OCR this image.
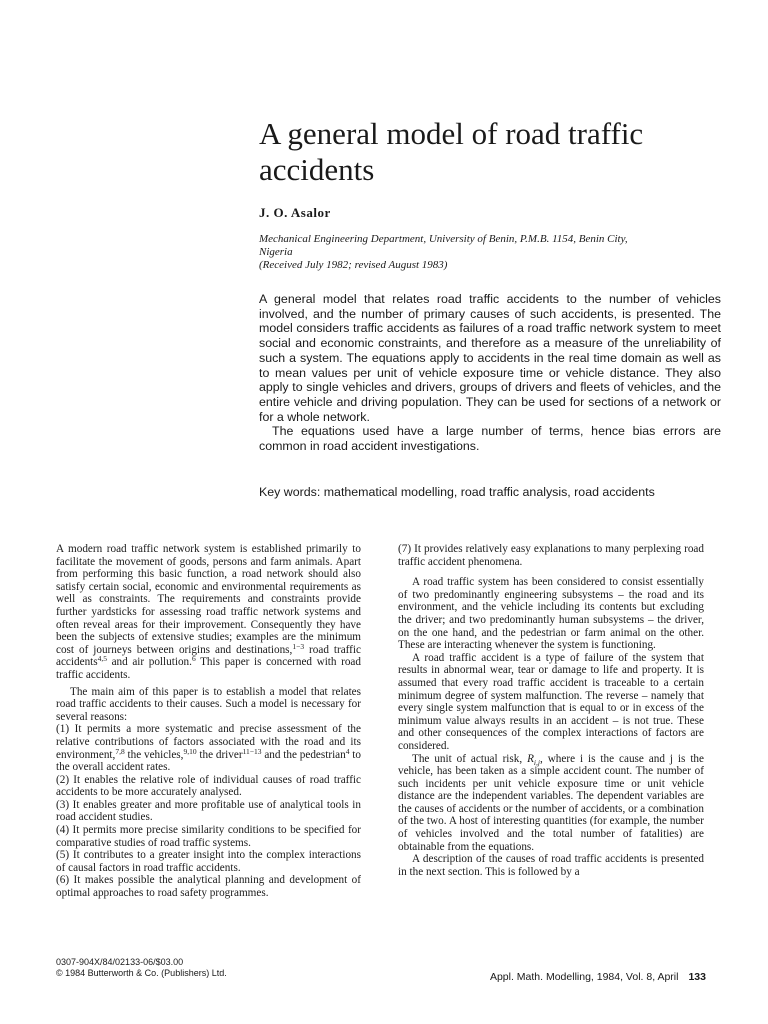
A general model of road traffic accidents
J. O. Asalor
Mechanical Engineering Department, University of Benin, P.M.B. 1154, Benin City,
Nigeria
(Received July 1982; revised August 1983)

A general model that relates road traffic accidents to the number of vehicles involved, and the number of primary causes of such accidents, is presented. The model considers traffic accidents as failures of a road traffic network system to meet social and economic constraints, and therefore as a measure of the unreliability of such a system. The equations apply to accidents in the real time domain as well as to mean values per unit of vehicle exposure time or vehicle distance. They also apply to single vehicles and drivers, groups of drivers and fleets of vehicles, and the entire vehicle and driving population. They can be used for sections of a network or for a whole network.

The equations used have a large number of terms, hence bias errors are common in road accident investigations.

Key words: mathematical modelling, road traffic analysis, road accidents

A modern road traffic network system is established primarily to facilitate the movement of goods, persons and farm animals. Apart from performing this basic function, a road network should also satisfy certain social, economic and environmental requirements as well as constraints. The requirements and constraints provide further yardsticks for assessing road traffic network systems and often reveal areas for their improvement. Consequently they have been the subjects of extensive studies; examples are the minimum cost of journeys between origins and destinations,$^{1-3}$ road traffic accidents$^{4,5}$ and air pollution.$^6$ This paper is concerned with road traffic accidents.

The main aim of this paper is to establish a model that relates road traffic accidents to their causes. Such a model is necessary for several reasons:

(1) It permits a more systematic and precise assessment of the relative contributions of factors associated with the road and its environment,$^{7,8}$ the vehicles,$^{9,10}$ the driver$^{11-13}$ and the pedestrian$^4$ to the overall accident rates.

(2) It enables the relative role of individual causes of road traffic accidents to be more accurately analysed.

(3) It enables greater and more profitable use of analytical tools in road accident studies.

(4) It permits more precise similarity conditions to be specified for comparative studies of road traffic systems.

(5) It contributes to a greater insight into the complex interactions of causal factors in road traffic accidents.

(6) It makes possible the analytical planning and development of optimal approaches to road safety programmes.

(7) It provides relatively easy explanations to many perplexing road traffic accident phenomena.

A road traffic system has been considered to consist essentially of two predominantly engineering subsystems – the road and its environment, and the vehicle including its contents but excluding the driver; and two predominantly human subsystems – the driver, on the one hand, and the pedestrian or farm animal on the other. These are interacting whenever the system is functioning.

A road traffic accident is a type of failure of the system that results in abnormal wear, tear or damage to life and property. It is assumed that every road traffic accident is traceable to a certain minimum degree of system malfunction. The reverse – namely that every single system malfunction that is equal to or in excess of the minimum value always results in an accident – is not true. These and other consequences of the complex interactions of factors are considered.

The unit of actual risk, $R_{i,j}$, where i is the cause and j is the vehicle, has been taken as a simple accident count. The number of such incidents per unit vehicle exposure time or unit vehicle distance are the independent variables. The dependent variables are the causes of accidents or the number of accidents, or a combination of the two. A host of interesting quantities (for example, the number of vehicles involved and the total number of fatalities) are obtainable from the equations.

A description of the causes of road traffic accidents is presented in the next section. This is followed by a

0307-904X/84/02133-06/$03.00
© 1984 Butterworth & Co. (Publishers) Ltd.	Appl. Math. Modelling, 1984, Vol. 8, April 133
